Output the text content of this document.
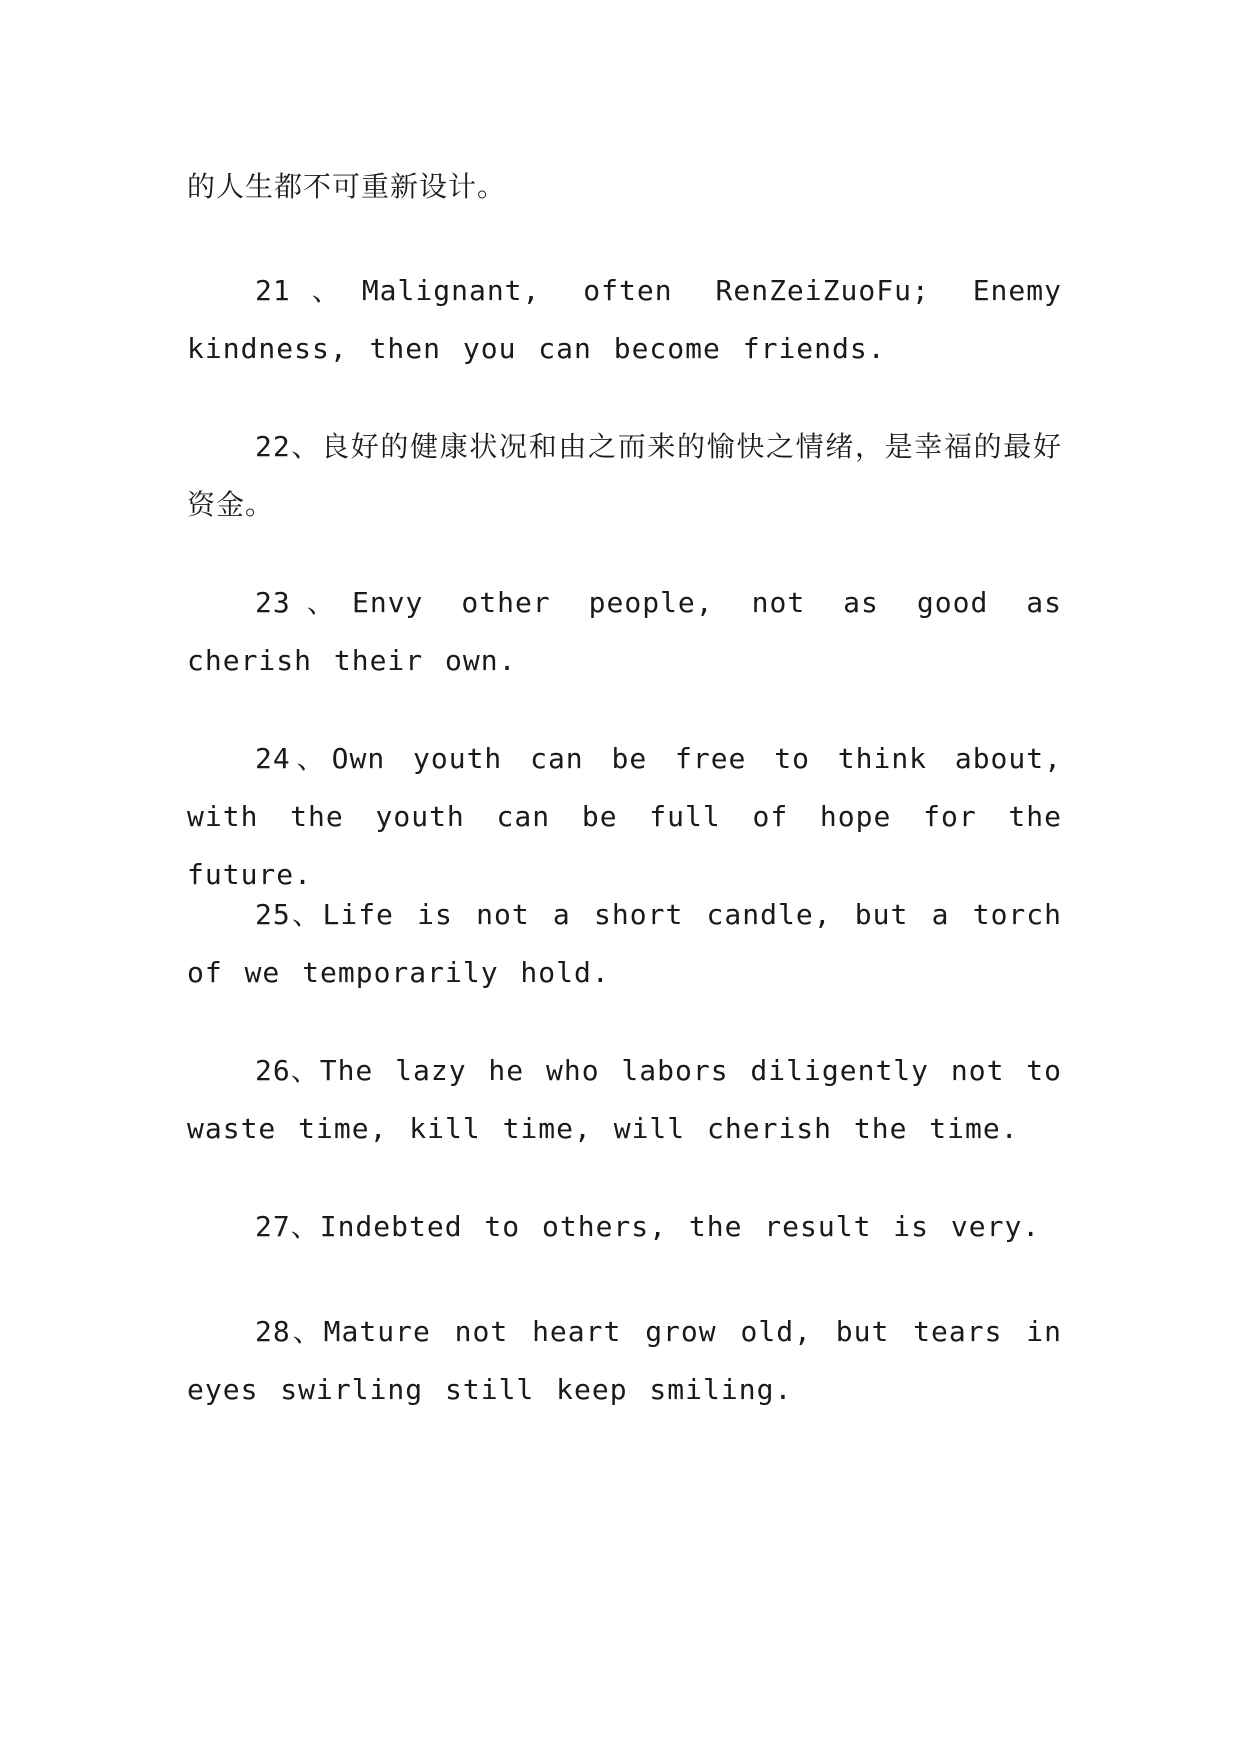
的人生都不可重新设计。

21、Malignant, often RenZeiZuoFu; Enemy kindness, then you can become friends.

22、良好的健康状况和由之而来的愉快之情绪，是幸福的最好资金。

23、Envy other people, not as good as cherish their own.

24、Own youth can be free to think about, with the youth can be full of hope for the future.

25、Life is not a short candle, but a torch of we temporarily hold.

26、The lazy he who labors diligently not to waste time, kill time, will cherish the time.

27、Indebted to others, the result is very.

28、Mature not heart grow old, but tears in eyes swirling still keep smiling.
